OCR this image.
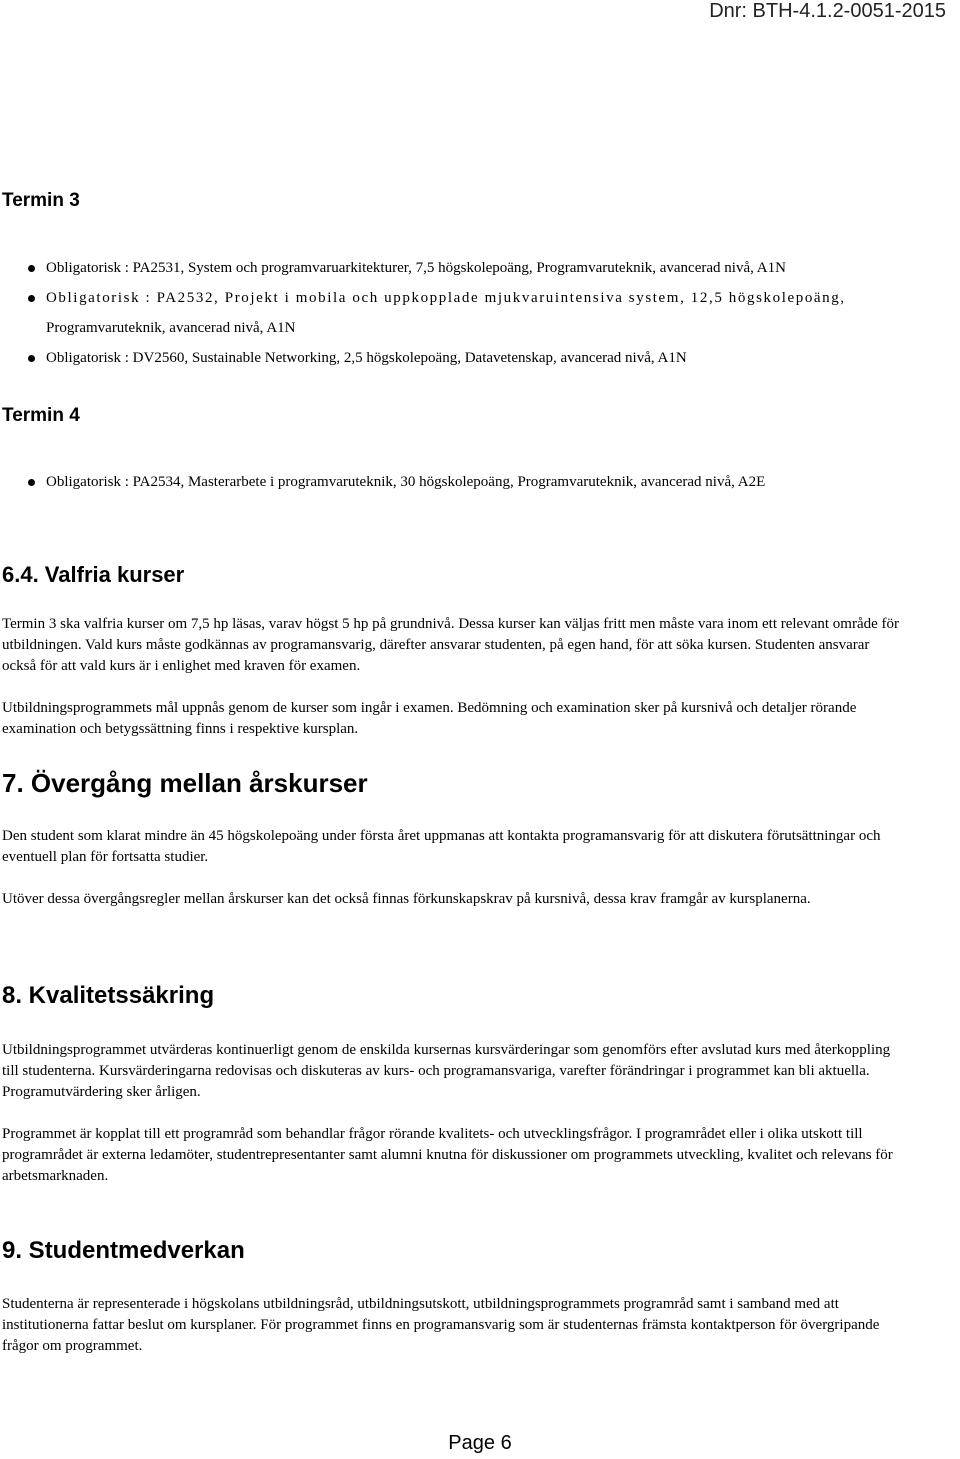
Dnr: BTH-4.1.2-0051-2015
Termin 3
Obligatorisk : PA2531, System och programvaruarkitekturer, 7,5 högskolepoäng, Programvaruteknik, avancerad nivå, A1N
Obligatorisk : PA2532, Projekt i mobila och uppkopplade mjukvaruintensiva system, 12,5 högskolepoäng,
Programvaruteknik, avancerad nivå, A1N
Obligatorisk : DV2560, Sustainable Networking, 2,5 högskolepoäng, Datavetenskap, avancerad nivå, A1N
Termin 4
Obligatorisk : PA2534, Masterarbete i programvaruteknik, 30 högskolepoäng, Programvaruteknik, avancerad nivå, A2E
6.4. Valfria kurser

Termin 3 ska valfria kurser om 7,5 hp läsas, varav högst 5 hp på grundnivå. Dessa kurser kan väljas fritt men måste vara inom ett relevant område för utbildningen. Vald kurs måste godkännas av programansvarig, därefter ansvarar studenten, på egen hand, för att söka kursen. Studenten ansvarar också för att vald kurs är i enlighet med kraven för examen.

Utbildningsprogrammets mål uppnås genom de kurser som ingår i examen. Bedömning och examination sker på kursnivå och detaljer rörande examination och betygssättning finns i respektive kursplan.

7. Övergång mellan årskurser

Den student som klarat mindre än 45 högskolepoäng under första året uppmanas att kontakta programansvarig för att diskutera förutsättningar och eventuell plan för fortsatta studier.

Utöver dessa övergångsregler mellan årskurser kan det också finnas förkunskapskrav på kursnivå, dessa krav framgår av kursplanerna.

8. Kvalitetssäkring

Utbildningsprogrammet utvärderas kontinuerligt genom de enskilda kursernas kursvärderingar som genomförs efter avslutad kurs med återkoppling till studenterna. Kursvärderingarna redovisas och diskuteras av kurs- och programansvariga, varefter förändringar i programmet kan bli aktuella. Programutvärdering sker årligen.

Programmet är kopplat till ett programråd som behandlar frågor rörande kvalitets- och utvecklingsfrågor. I programrådet eller i olika utskott till programrådet är externa ledamöter, studentrepresentanter samt alumni knutna för diskussioner om programmets utveckling, kvalitet och relevans för arbetsmarknaden.

9. Studentmedverkan

Studenterna är representerade i högskolans utbildningsråd, utbildningsutskott, utbildningsprogrammets programråd samt i samband med att institutionerna fattar beslut om kursplaner. För programmet finns en programansvarig som är studenternas främsta kontaktperson för övergripande frågor om programmet.

Page 6
